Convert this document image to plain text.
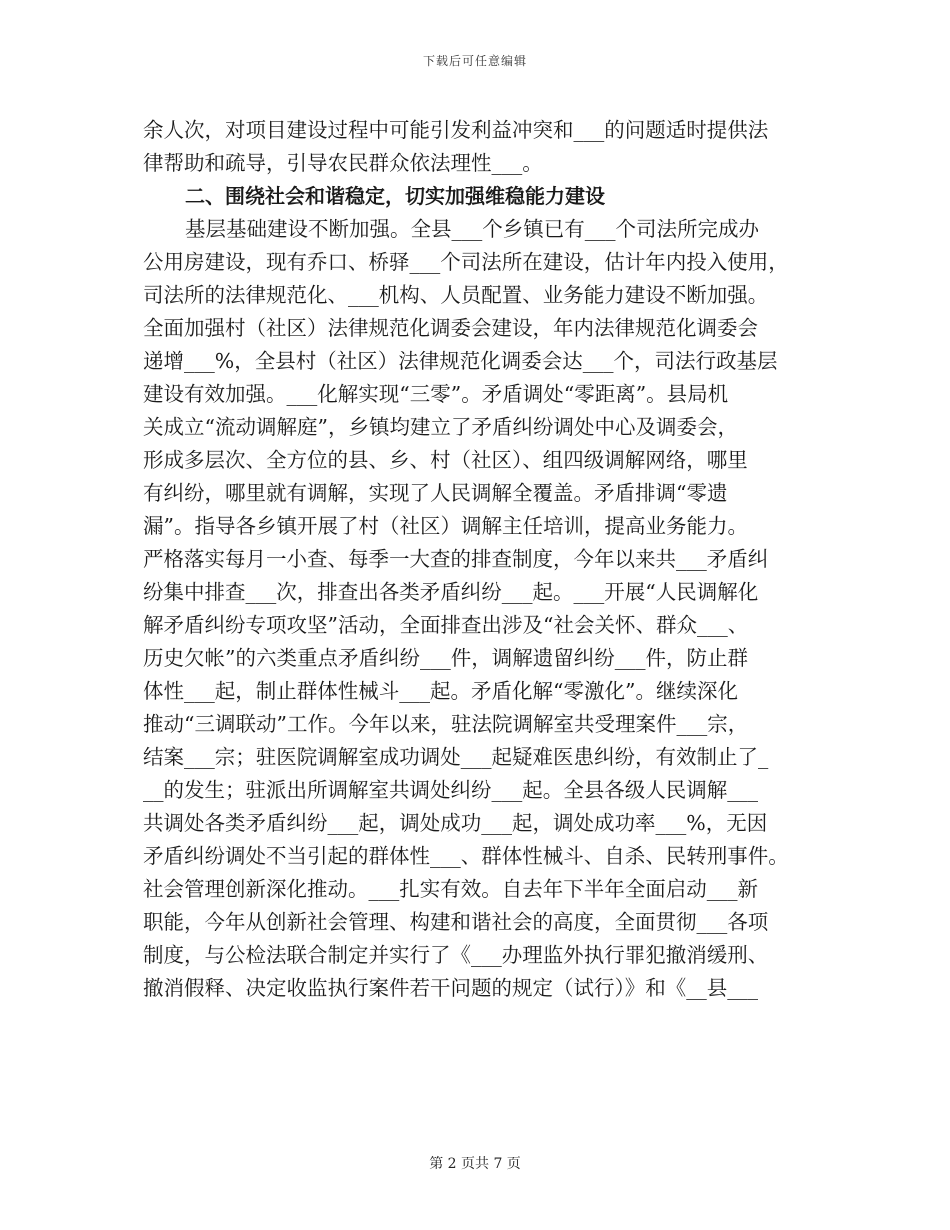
下载后可任意编辑
余人次，对项目建设过程中可能引发利益冲突和___的问题适时提供法
律帮助和疏导，引导农民群众依法理性___。
二、围绕社会和谐稳定，切实加强维稳能力建设
基层基础建设不断加强。全县___个乡镇已有___个司法所完成办
公用房建设，现有乔口、桥驿___个司法所在建设，估计年内投入使用，
司法所的法律规范化、___机构、人员配置、业务能力建设不断加强。
全面加强村（社区）法律规范化调委会建设，年内法律规范化调委会
递增___%，全县村（社区）法律规范化调委会达___个，司法行政基层
建设有效加强。___化解实现“三零”。矛盾调处“零距离”。县局机
关成立“流动调解庭”，乡镇均建立了矛盾纠纷调处中心及调委会，
形成多层次、全方位的县、乡、村（社区）、组四级调解网络，哪里
有纠纷，哪里就有调解，实现了人民调解全覆盖。矛盾排调“零遗
漏”。指导各乡镇开展了村（社区）调解主任培训，提高业务能力。
严格落实每月一小查、每季一大查的排查制度，今年以来共___矛盾纠
纷集中排查___次，排查出各类矛盾纠纷___起。___开展“人民调解化
解矛盾纠纷专项攻坚”活动，全面排查出涉及“社会关怀、群众___、
历史欠帐”的六类重点矛盾纠纷___件，调解遗留纠纷___件，防止群
体性___起，制止群体性械斗___起。矛盾化解“零激化”。继续深化
推动“三调联动”工作。今年以来，驻法院调解室共受理案件___宗，
结案___宗；驻医院调解室成功调处___起疑难医患纠纷，有效制止了_
__的发生；驻派出所调解室共调处纠纷___起。全县各级人民调解___
共调处各类矛盾纠纷___起，调处成功___起，调处成功率___%，无因
矛盾纠纷调处不当引起的群体性___、群体性械斗、自杀、民转刑事件。
社会管理创新深化推动。___扎实有效。自去年下半年全面启动___新
职能，今年从创新社会管理、构建和谐社会的高度，全面贯彻___各项
制度，与公检法联合制定并实行了《___办理监外执行罪犯撤消缓刑、
撤消假释、决定收监执行案件若干问题的规定（试行）》和《__县___
第 2 页共 7 页
